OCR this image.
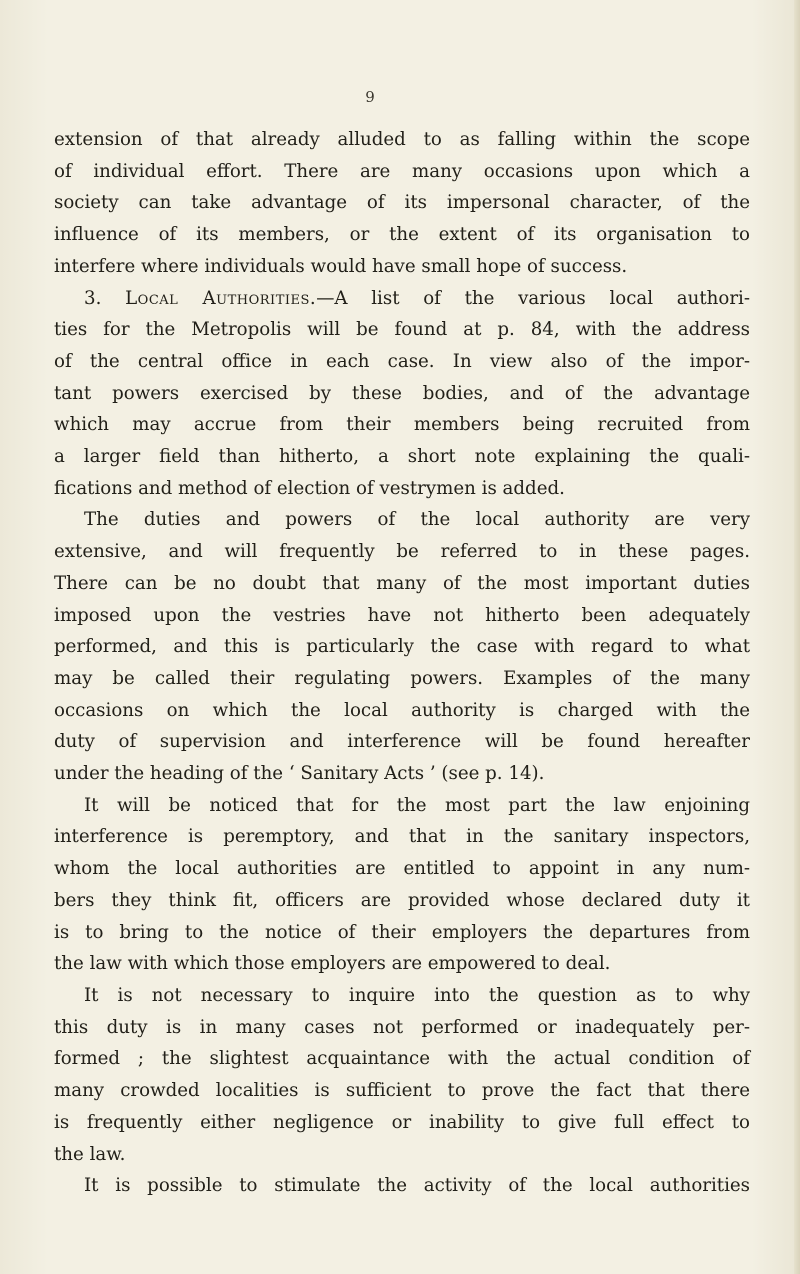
9
extension of that already alluded to as falling within the scope
of individual effort. There are many occasions upon which a
society can take advantage of its impersonal character, of the
influence of its members, or the extent of its organisation to
interfere where individuals would have small hope of success.
3. Local Authorities.—A list of the various local authori-
ties for the Metropolis will be found at p. 84, with the address
of the central office in each case. In view also of the impor-
tant powers exercised by these bodies, and of the advantage
which may accrue from their members being recruited from
a larger field than hitherto, a short note explaining the quali-
fications and method of election of vestrymen is added.
The duties and powers of the local authority are very
extensive, and will frequently be referred to in these pages.
There can be no doubt that many of the most important duties
imposed upon the vestries have not hitherto been adequately
performed, and this is particularly the case with regard to what
may be called their regulating powers. Examples of the many
occasions on which the local authority is charged with the
duty of supervision and interference will be found hereafter
under the heading of the ‘ Sanitary Acts ’ (see p. 14).
It will be noticed that for the most part the law enjoining
interference is peremptory, and that in the sanitary inspectors,
whom the local authorities are entitled to appoint in any num-
bers they think fit, officers are provided whose declared duty it
is to bring to the notice of their employers the departures from
the law with which those employers are empowered to deal.
It is not necessary to inquire into the question as to why
this duty is in many cases not performed or inadequately per-
formed ; the slightest acquaintance with the actual condition of
many crowded localities is sufficient to prove the fact that there
is frequently either negligence or inability to give full effect to
the law.
It is possible to stimulate the activity of the local authorities
